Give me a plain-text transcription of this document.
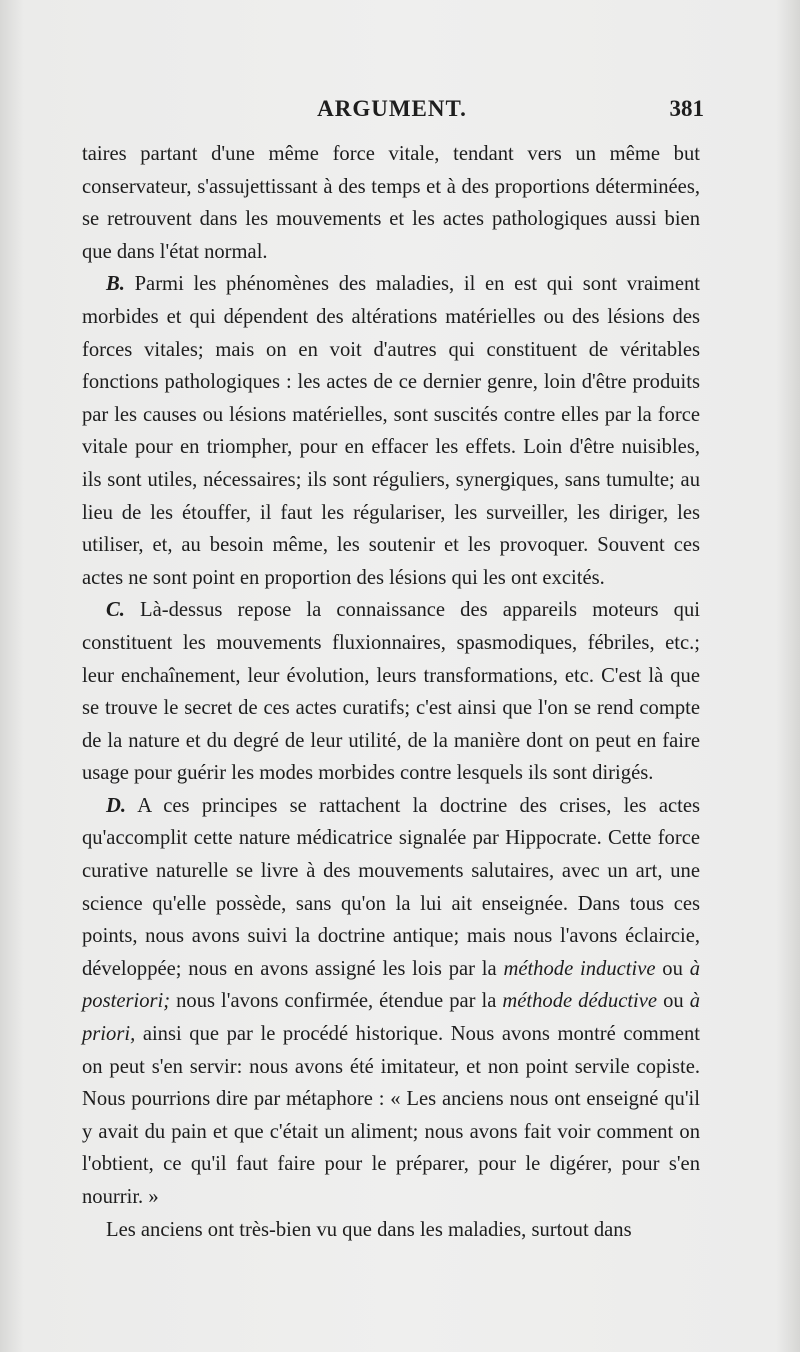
ARGUMENT.	381

taires partant d'une même force vitale, tendant vers un même but conservateur, s'assujettissant à des temps et à des proportions déterminées, se retrouvent dans les mouvements et les actes pathologiques aussi bien que dans l'état normal.

B. Parmi les phénomènes des maladies, il en est qui sont vraiment morbides et qui dépendent des altérations matérielles ou des lésions des forces vitales; mais on en voit d'autres qui constituent de véritables fonctions pathologiques : les actes de ce dernier genre, loin d'être produits par les causes ou lésions matérielles, sont suscités contre elles par la force vitale pour en triompher, pour en effacer les effets. Loin d'être nuisibles, ils sont utiles, nécessaires; ils sont réguliers, synergiques, sans tumulte; au lieu de les étouffer, il faut les régulariser, les surveiller, les diriger, les utiliser, et, au besoin même, les soutenir et les provoquer. Souvent ces actes ne sont point en proportion des lésions qui les ont excités.

C. Là-dessus repose la connaissance des appareils moteurs qui constituent les mouvements fluxionnaires, spasmodiques, fébriles, etc.; leur enchaînement, leur évolution, leurs transformations, etc. C'est là que se trouve le secret de ces actes curatifs; c'est ainsi que l'on se rend compte de la nature et du degré de leur utilité, de la manière dont on peut en faire usage pour guérir les modes morbides contre lesquels ils sont dirigés.

D. A ces principes se rattachent la doctrine des crises, les actes qu'accomplit cette nature médicatrice signalée par Hippocrate. Cette force curative naturelle se livre à des mouvements salutaires, avec un art, une science qu'elle possède, sans qu'on la lui ait enseignée. Dans tous ces points, nous avons suivi la doctrine antique; mais nous l'avons éclaircie, développée; nous en avons assigné les lois par la méthode inductive ou à posteriori; nous l'avons confirmée, étendue par la méthode déductive ou à priori, ainsi que par le procédé historique. Nous avons montré comment on peut s'en servir: nous avons été imitateur, et non point servile copiste. Nous pourrions dire par métaphore : « Les anciens nous ont enseigné qu'il y avait du pain et que c'était un aliment; nous avons fait voir comment on l'obtient, ce qu'il faut faire pour le préparer, pour le digérer, pour s'en nourrir. »

Les anciens ont très-bien vu que dans les maladies, surtout dans
